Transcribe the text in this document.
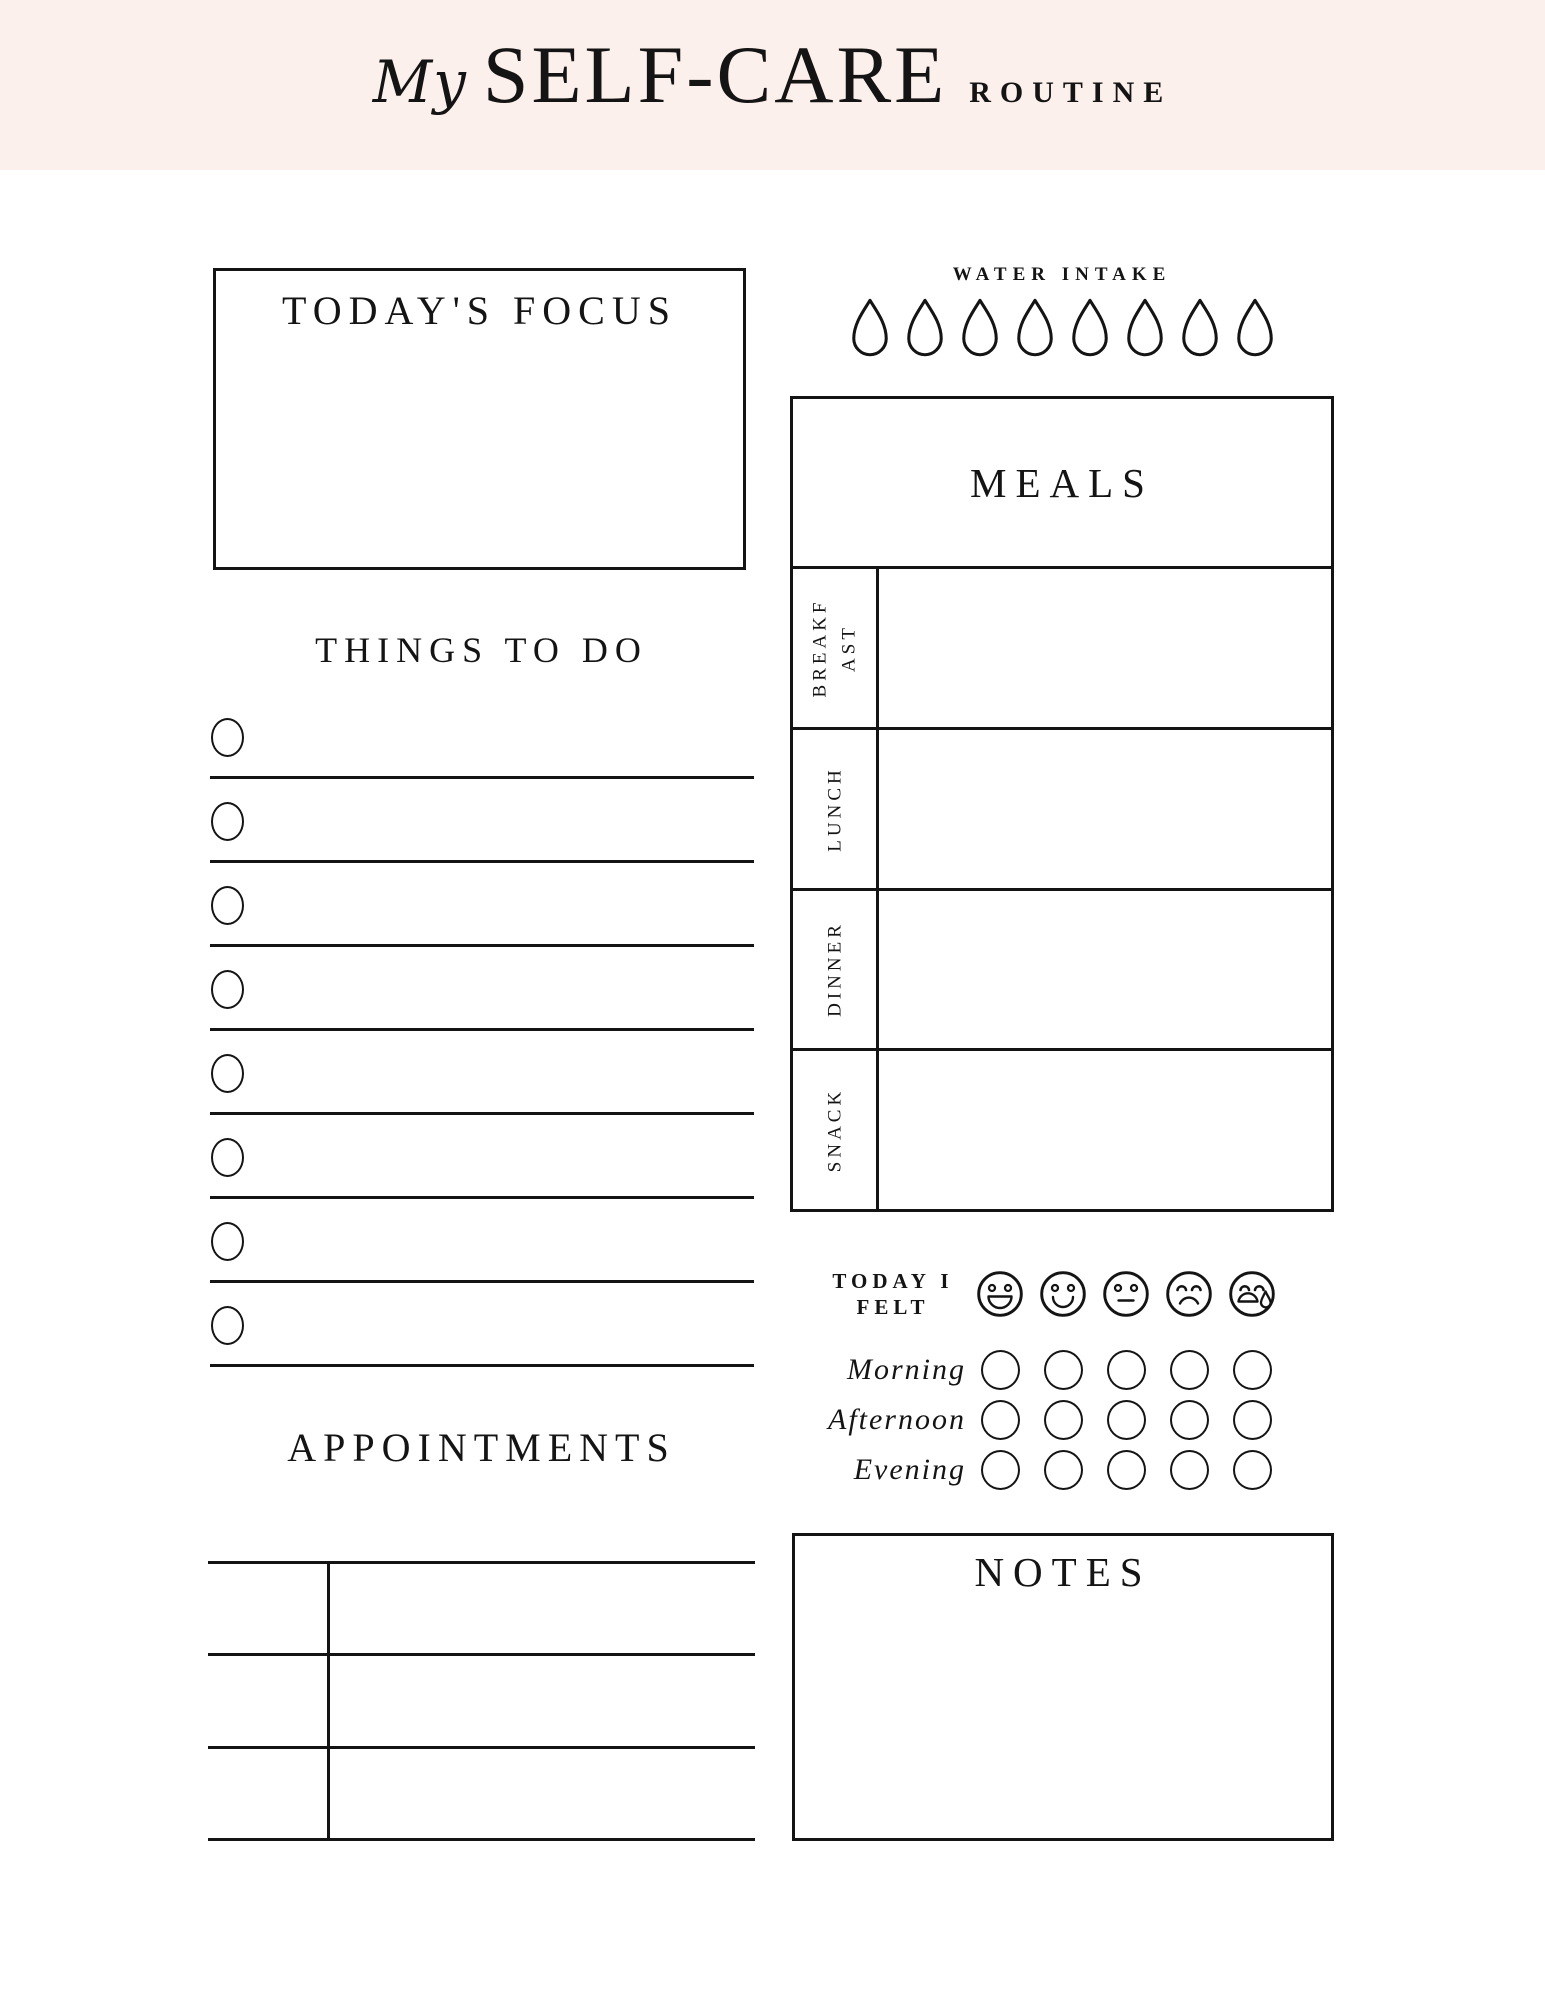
My SELF-CARE ROUTINE
TODAY'S FOCUS
THINGS TO DO
APPOINTMENTS
WATER INTAKE
MEALS
BREAKFAST
LUNCH
DINNER
SNACK
TODAY I
FELT
Morning
Afternoon
Evening
NOTES
